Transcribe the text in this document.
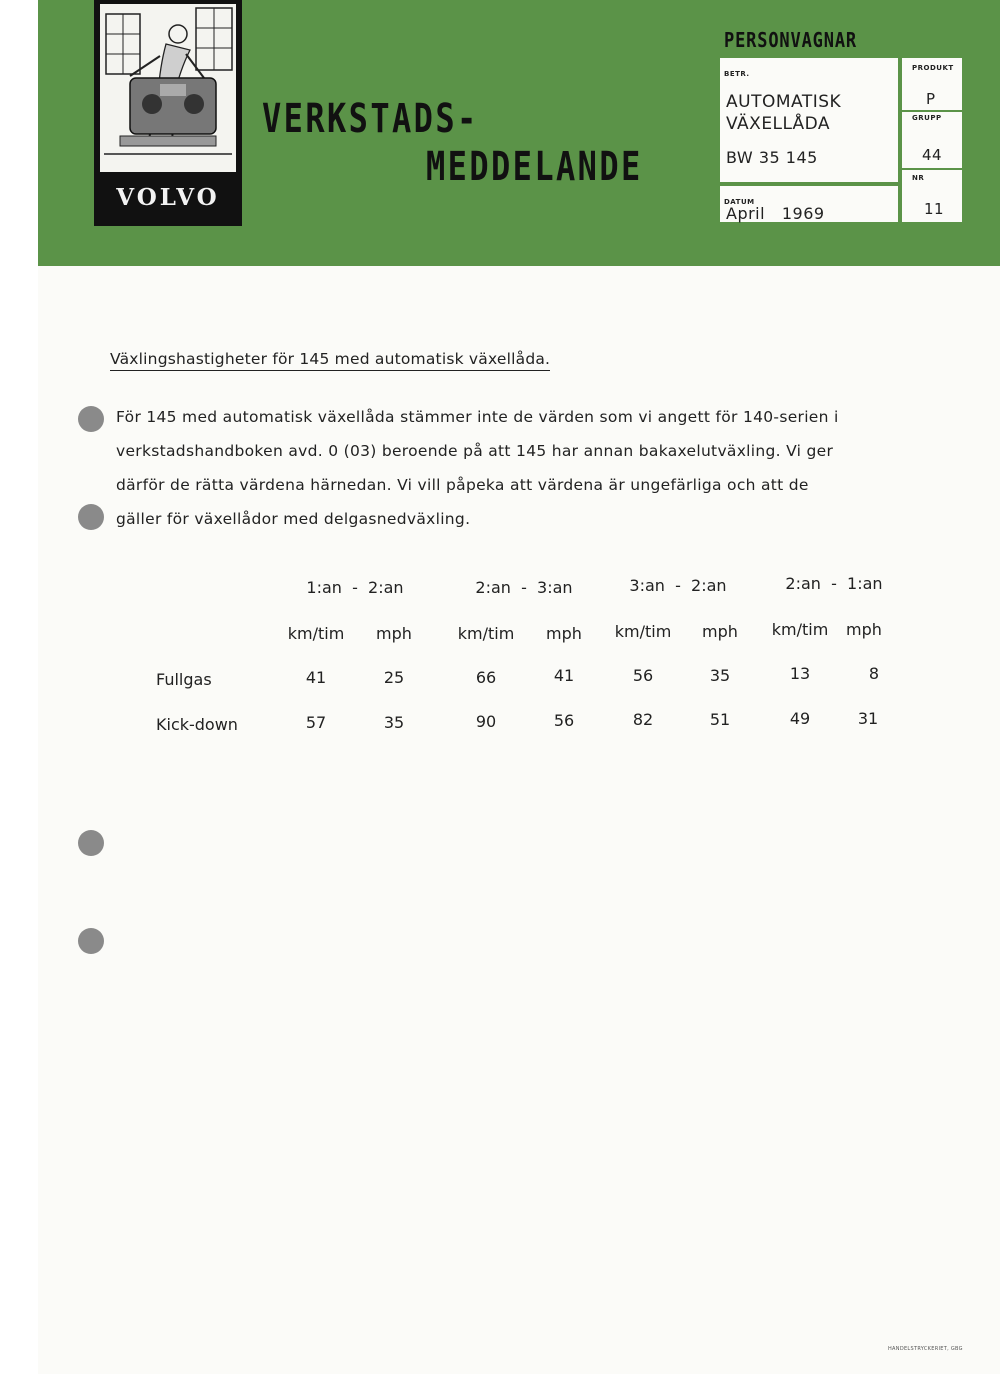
VOLVO
VERKSTADS-
MEDDELANDE
PERSONVAGNAR
BETR.
AUTOMATISK
VÄXELLÅDA
BW 35 145
DATUM
April   1969
PRODUKT
P
GRUPP
44
NR
11
Växlingshastigheter för 145 med automatisk växellåda.
För 145 med automatisk växellåda stämmer inte de värden som vi angett för 140-serien i
verkstadshandboken avd. 0 (03) beroende på att 145 har annan bakaxelutväxling. Vi ger
därför de rätta värdena härnedan. Vi vill påpeka att värdena är ungefärliga och att de
gäller för växellådor med delgasnedväxling.
1:an  -  2:an	2:an  -  3:an	3:an  -  2:an	2:an  -  1:an
km/tim mph	km/tim mph km/tim mph km/tim mph
Fullgas	41	25	66	41	56	35	13	8
Kick-down	57	35	90	56	82	51	49	31
HANDELSTRYCKERIET, GBG
